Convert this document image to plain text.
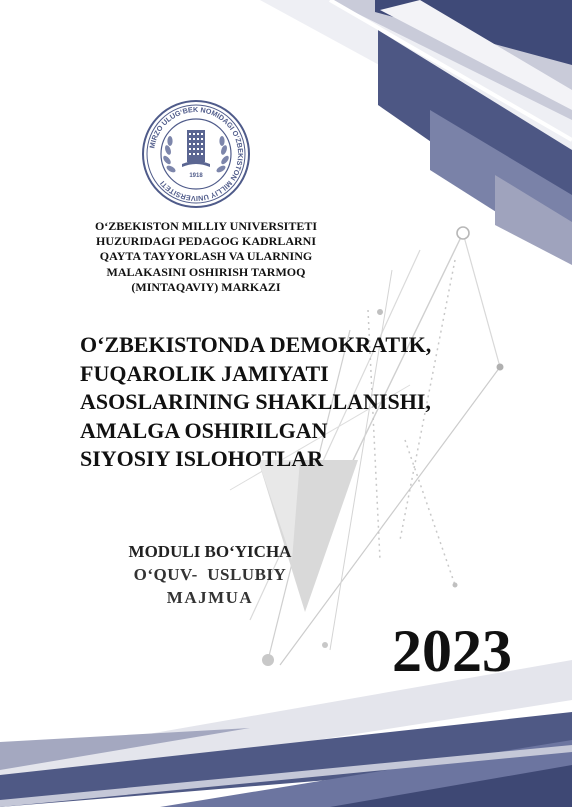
MIRZO ULUG‘BEK NOMIDAGI O‘ZBEKISTON MILLIY UNIVERSITETI
1918
O‘ZBEKISTON MILLIY UNIVERSITETI
HUZURIDAGI PEDAGOG KADRLARNI
QAYTA TAYYORLASH VA ULARNING
MALAKASINI OSHIRISH TARMOQ
(MINTAQAVIY) MARKAZI
O‘ZBEKISTONDA DEMOKRATIK,
FUQAROLIK JAMIYATI
ASOSLARINING SHAKLLANISHI,
AMALGA OSHIRILGAN
SIYOSIY ISLOHOTLAR
MODULI BO‘YICHA
O‘QUV-  USLUBIY
MAJMUA
2023
